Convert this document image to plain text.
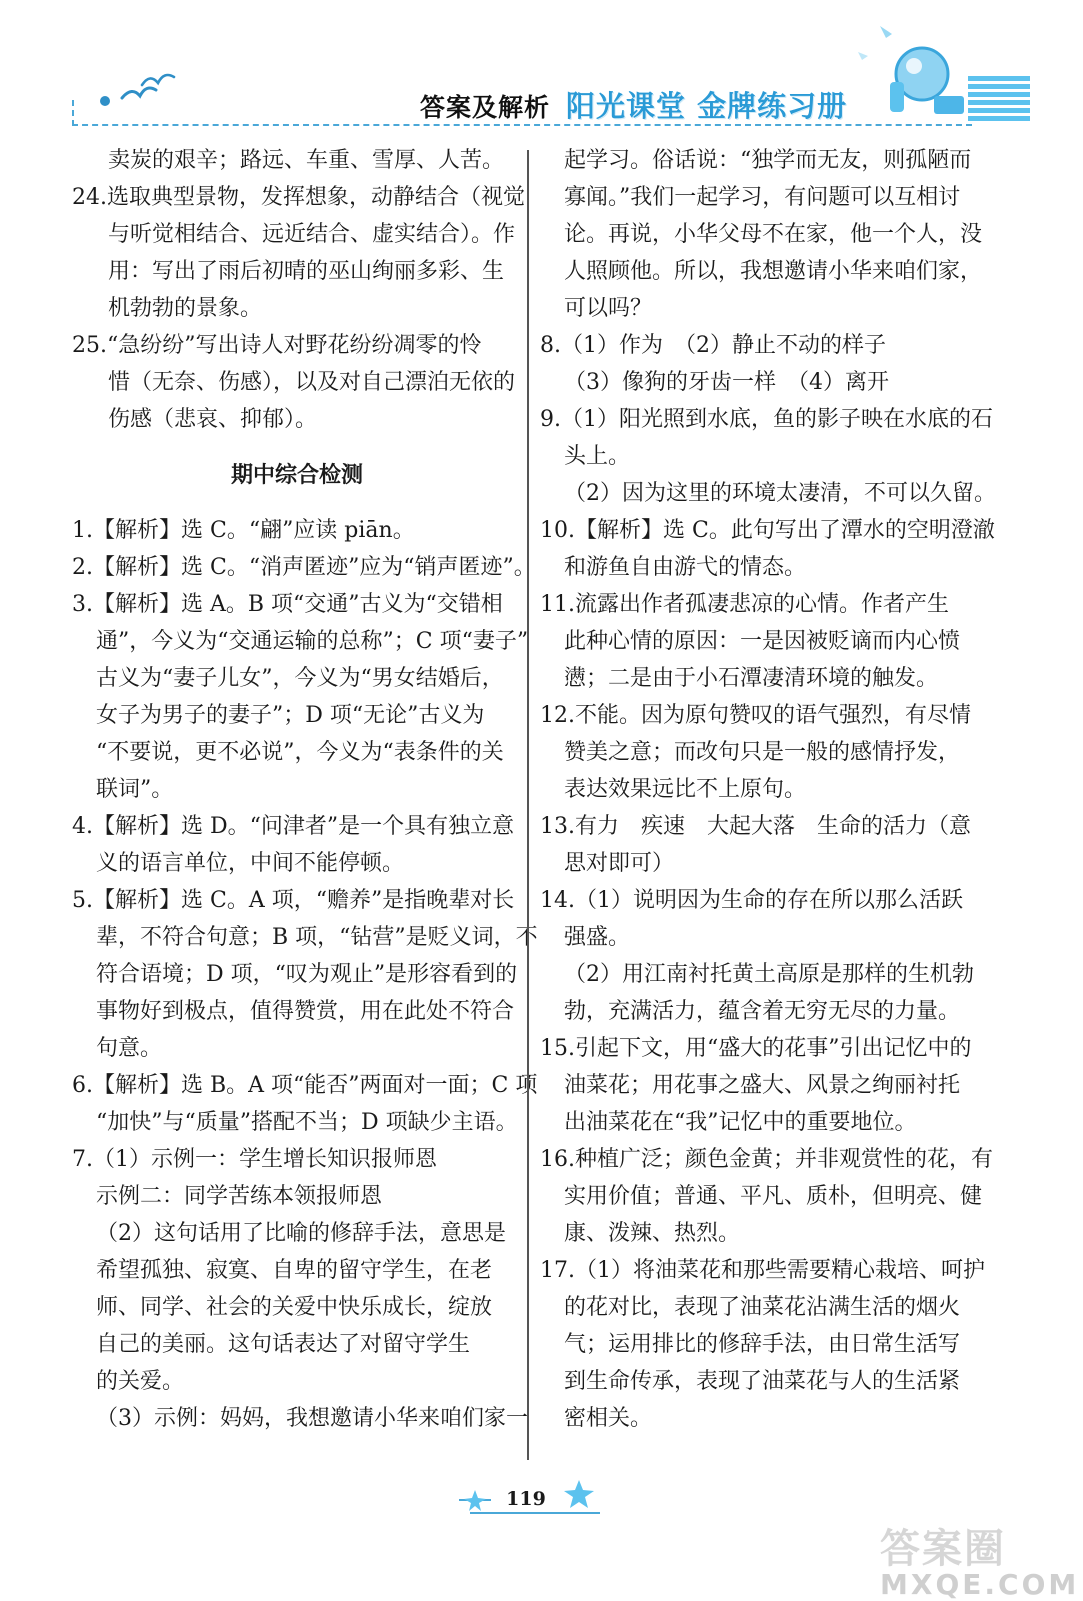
答案及解析 阳光课堂 金牌练习册

卖炭的艰辛；路远、车重、雪厚、人苦。

24.选取典型景物，发挥想象，动静结合（视觉

与听觉相结合、远近结合、虚实结合）。作

用：写出了雨后初晴的巫山绚丽多彩、生

机勃勃的景象。

25.“急纷纷”写出诗人对野花纷纷凋零的怜

惜（无奈、伤感），以及对自己漂泊无依的

伤感（悲哀、抑郁）。

期中综合检测

1.【解析】选 C。“翩”应读 piān。

2.【解析】选 C。“消声匿迹”应为“销声匿迹”。

3.【解析】选 A。B 项“交通”古义为“交错相

通”，今义为“交通运输的总称”；C 项“妻子”

古义为“妻子儿女”，今义为“男女结婚后，

女子为男子的妻子”；D 项“无论”古义为

“不要说，更不必说”，今义为“表条件的关

联词”。

4.【解析】选 D。“问津者”是一个具有独立意

义的语言单位，中间不能停顿。

5.【解析】选 C。A 项，“赡养”是指晚辈对长

辈，不符合句意；B 项，“钻营”是贬义词，不

符合语境；D 项，“叹为观止”是形容看到的

事物好到极点，值得赞赏，用在此处不符合

句意。

6.【解析】选 B。A 项“能否”两面对一面；C 项

“加快”与“质量”搭配不当；D 项缺少主语。

7.（1）示例一：学生增长知识报师恩

示例二：同学苦练本领报师恩

（2）这句话用了比喻的修辞手法，意思是

希望孤独、寂寞、自卑的留守学生，在老

师、同学、社会的关爱中快乐成长，绽放

自己的美丽。这句话表达了对留守学生

的关爱。

（3）示例：妈妈，我想邀请小华来咱们家一

起学习。俗话说：“独学而无友，则孤陋而

寡闻。”我们一起学习，有问题可以互相讨

论。再说，小华父母不在家，他一个人，没

人照顾他。所以，我想邀请小华来咱们家，

可以吗？

8.（1）作为　（2）静止不动的样子

（3）像狗的牙齿一样　（4）离开

9.（1）阳光照到水底，鱼的影子映在水底的石

头上。

（2）因为这里的环境太凄清，不可以久留。

10.【解析】选 C。此句写出了潭水的空明澄澈

和游鱼自由游弋的情态。

11.流露出作者孤凄悲凉的心情。作者产生

此种心情的原因：一是因被贬谪而内心愤

懑；二是由于小石潭凄清环境的触发。

12.不能。因为原句赞叹的语气强烈，有尽情

赞美之意；而改句只是一般的感情抒发，

表达效果远比不上原句。

13.有力　疾速　大起大落　生命的活力（意

思对即可）

14.（1）说明因为生命的存在所以那么活跃

强盛。

（2）用江南衬托黄土高原是那样的生机勃

勃，充满活力，蕴含着无穷无尽的力量。

15.引起下文，用“盛大的花事”引出记忆中的

油菜花；用花事之盛大、风景之绚丽衬托

出油菜花在“我”记忆中的重要地位。

16.种植广泛；颜色金黄；并非观赏性的花，有

实用价值；普通、平凡、质朴，但明亮、健

康、泼辣、热烈。

17.（1）将油菜花和那些需要精心栽培、呵护

的花对比，表现了油菜花沾满生活的烟火

气；运用排比的修辞手法，由日常生活写

到生命传承，表现了油菜花与人的生活紧

密相关。

119
答案圈
MXQE.COM
